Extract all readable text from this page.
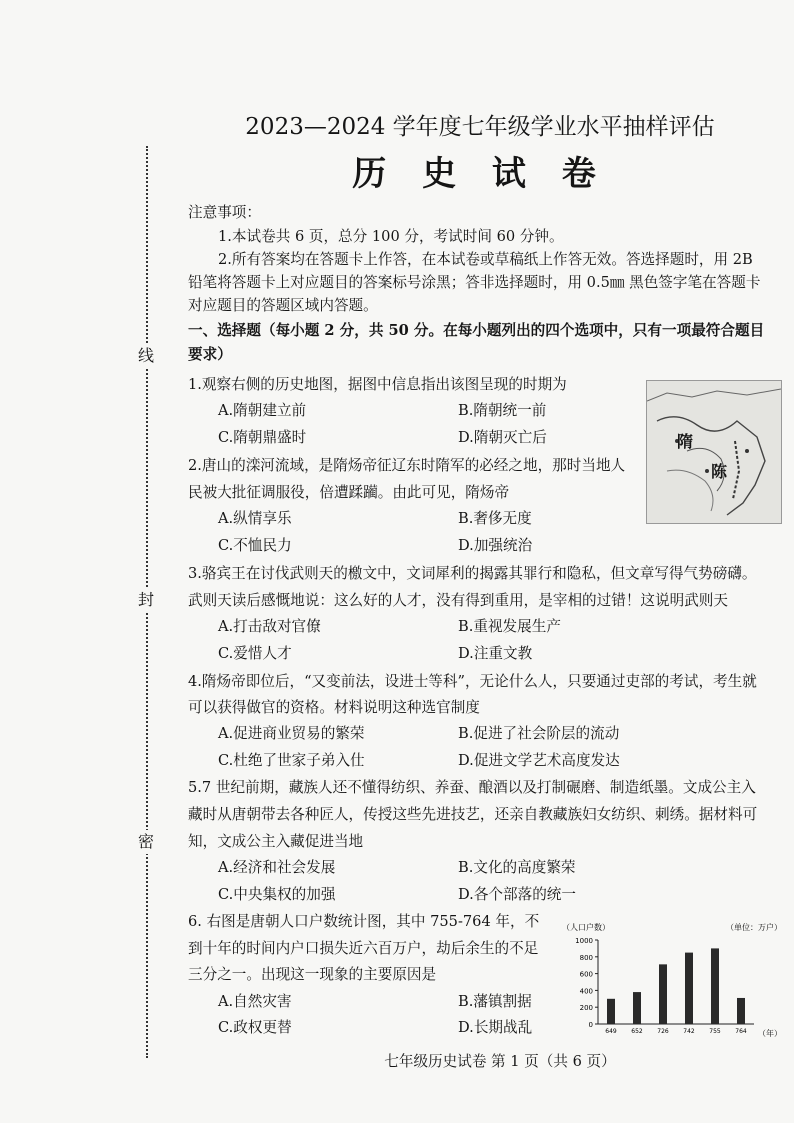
线
封
密
2023—2024 学年度七年级学业水平抽样评估
历 史 试 卷
注意事项：
1.本试卷共 6 页，总分 100 分，考试时间 60 分钟。
2.所有答案均在答题卡上作答，在本试卷或草稿纸上作答无效。答选择题时，用 2B
铅笔将答题卡上对应题目的答案标号涂黑；答非选择题时，用 0.5㎜ 黑色签字笔在答题卡
对应题目的答题区域内答题。
一、选择题（每小题 2 分，共 50 分。在每小题列出的四个选项中，只有一项最符合题目
要求）
1.观察右侧的历史地图，据图中信息指出该图呈现的时期为
A.隋朝建立前	B.隋朝统一前
C.隋朝鼎盛时	D.隋朝灭亡后	隋
陈
2.唐山的滦河流域，是隋炀帝征辽东时隋军的必经之地，那时当地人
民被大批征调服役，倍遭蹂躏。由此可见，隋炀帝
A.纵情享乐	B.奢侈无度
C.不恤民力	D.加强统治
3.骆宾王在讨伐武则天的檄文中，文词犀利的揭露其罪行和隐私，但文章写得气势磅礴。
武则天读后感慨地说：这么好的人才，没有得到重用，是宰相的过错！这说明武则天
A.打击敌对官僚	B.重视发展生产
C.爱惜人才	D.注重文教
4.隋炀帝即位后，“又变前法，设进士等科”，无论什么人，只要通过吏部的考试，考生就
可以获得做官的资格。材料说明这种选官制度
A.促进商业贸易的繁荣	B.促进了社会阶层的流动
C.杜绝了世家子弟入仕	D.促进文学艺术高度发达
5.7 世纪前期，藏族人还不懂得纺织、养蚕、酿酒以及打制碾磨、制造纸墨。文成公主入
藏时从唐朝带去各种匠人，传授这些先进技艺，还亲自教藏族妇女纺织、刺绣。据材料可
知，文成公主入藏促进当地
A.经济和社会发展	B.文化的高度繁荣
C.中央集权的加强	D.各个部落的统一
6. 右图是唐朝人口户数统计图，其中 755-764 年，不
到十年的时间内户口损失近六百万户，劫后余生的不足
三分之一。出现这一现象的主要原因是
A.自然灾害	B.藩镇割据
C.政权更替	D.长期战乱
（单位：万户）
（人口户数）
（年）
0
200
400
600
800
1000
649 652 726 742 755 764
七年级历史试卷 第 1 页（共 6 页）
